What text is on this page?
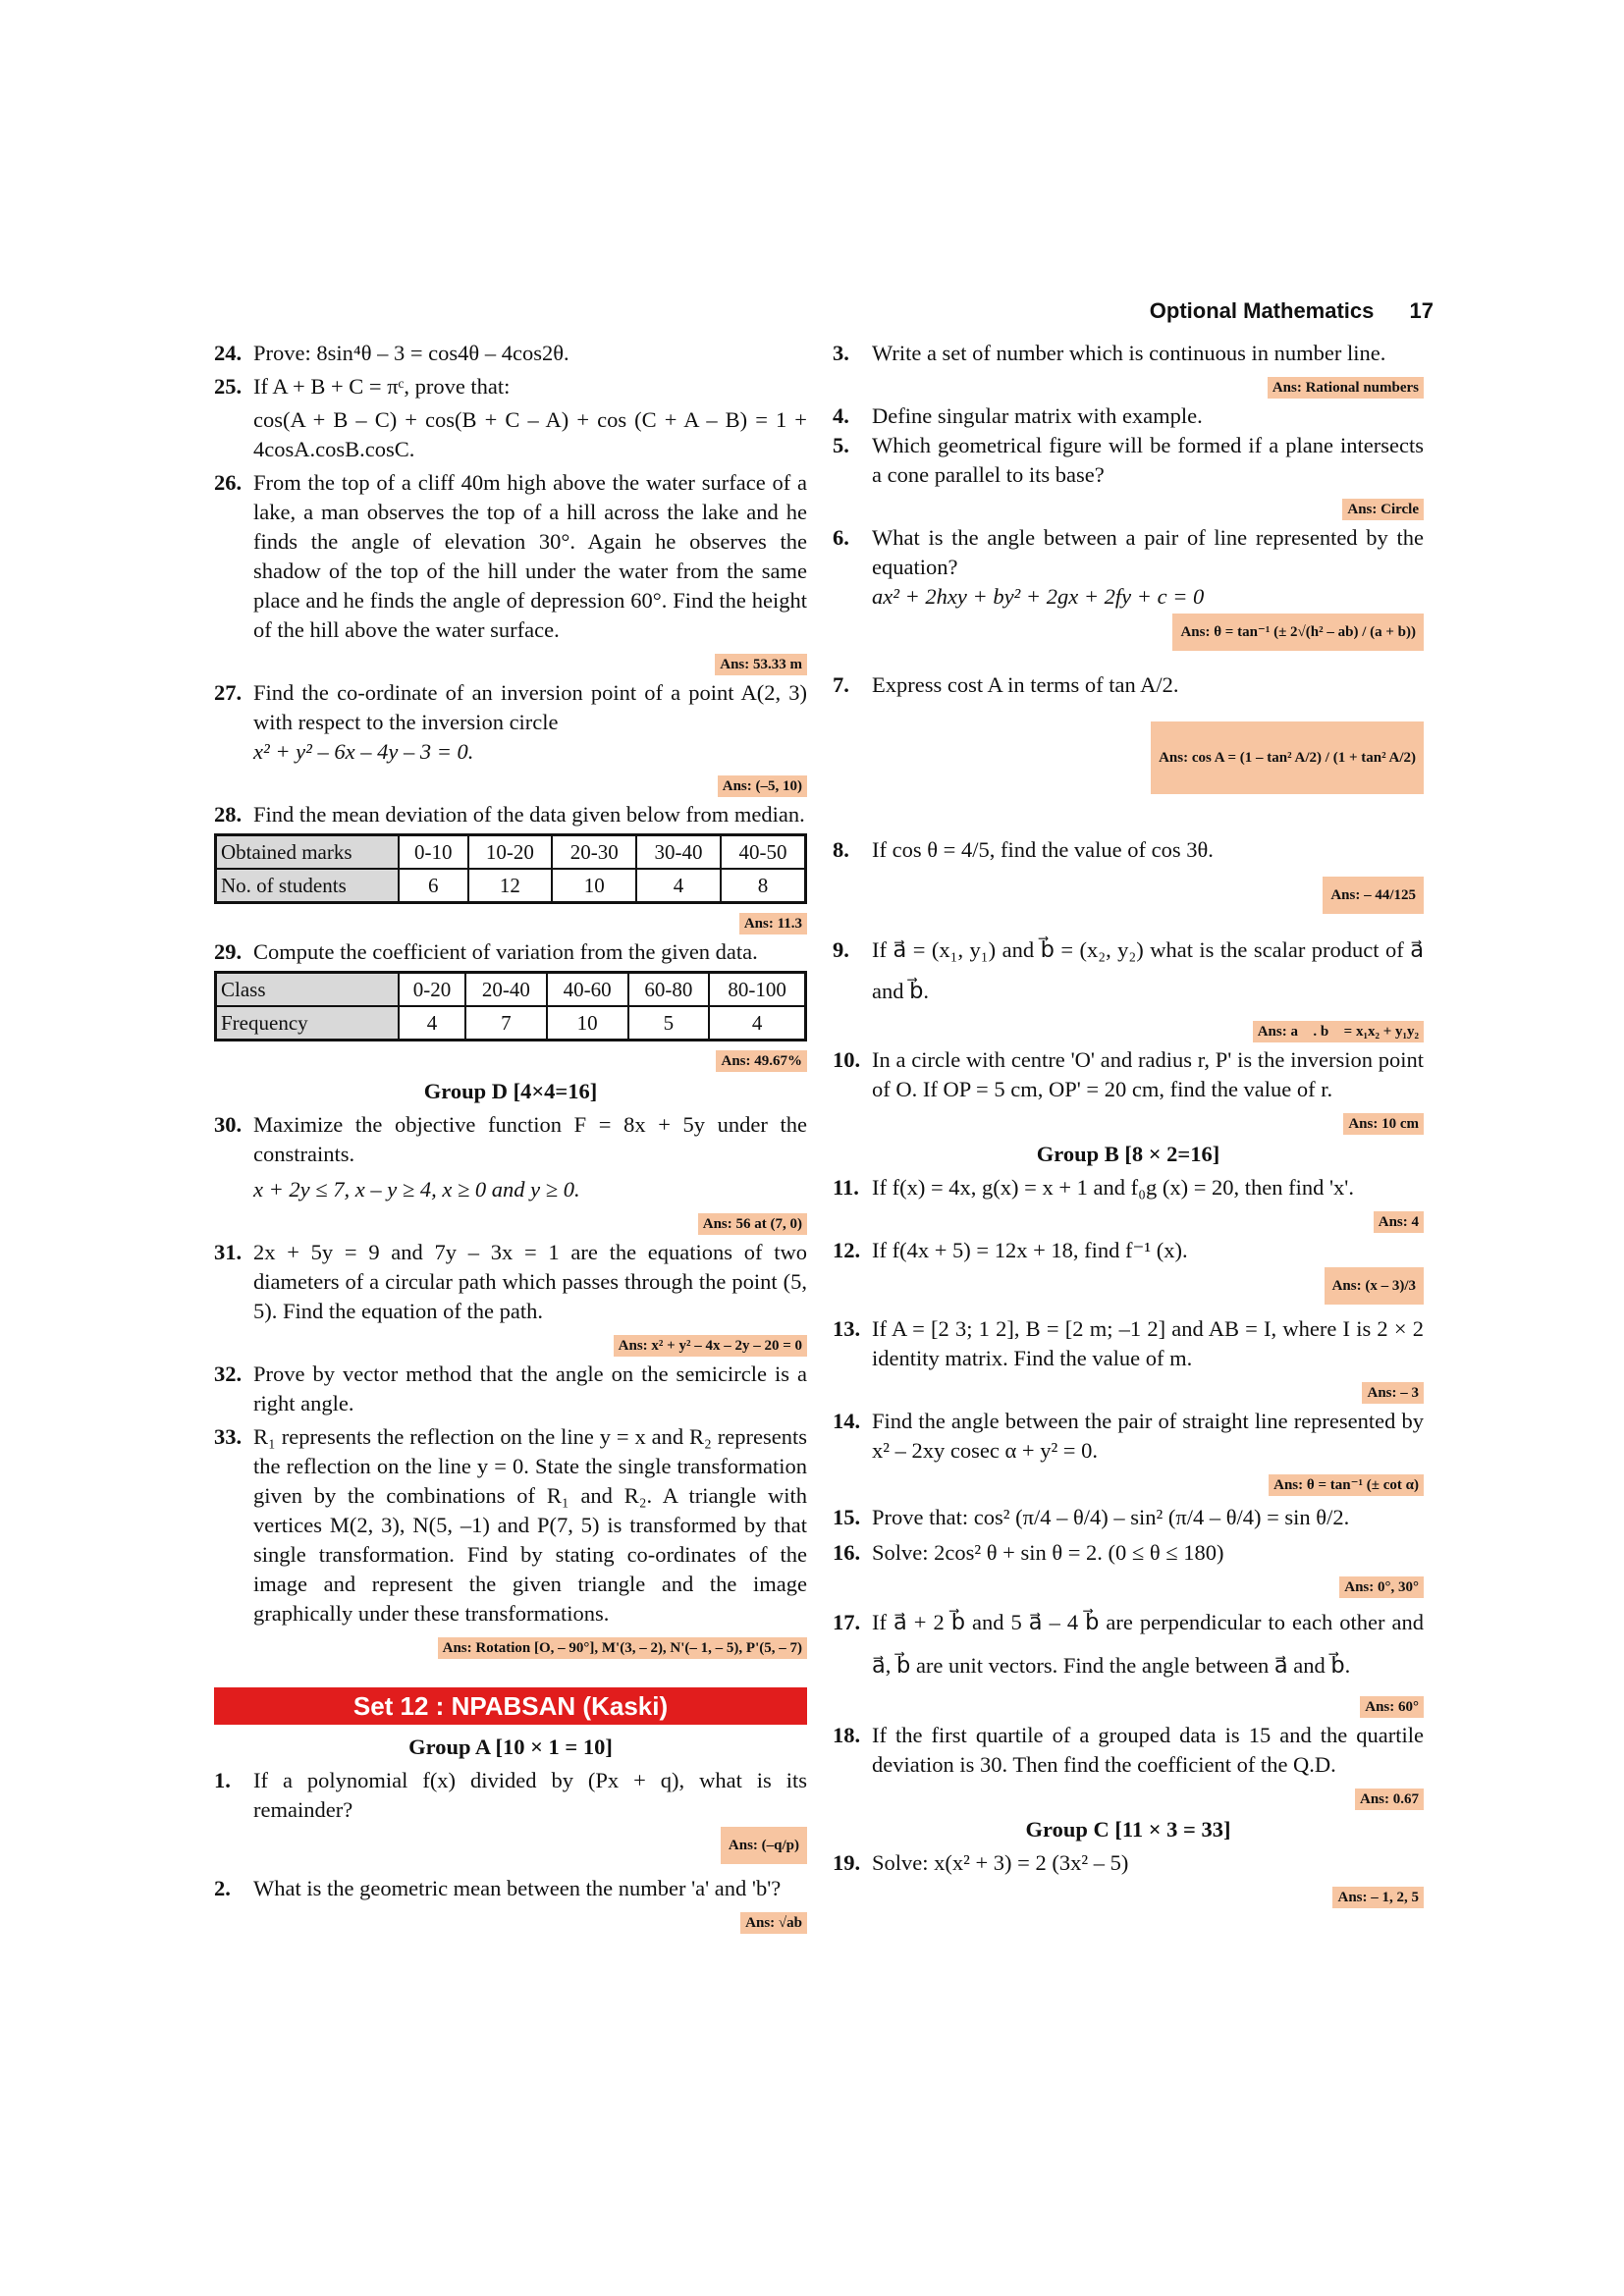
Optional Mathematics 17
24. Prove: 8sin⁴θ – 3 = cos4θ – 4cos2θ.
25. If A + B + C = πᶜ, prove that:
cos(A + B – C) + cos(B + C – A) + cos (C + A – B) = 1 + 4cosA.cosB.cosC.
26. From the top of a cliff 40m high above the water surface of a lake, a man observes the top of a hill across the lake and he finds the angle of elevation 30°. Again he observes the shadow of the top of the hill under the water from the same place and he finds the angle of depression 60°. Find the height of the hill above the water surface.
Ans: 53.33 m
27. Find the co-ordinate of an inversion point of a point A(2, 3) with respect to the inversion circle
x² + y² – 6x – 4y – 3 = 0.
Ans: (–5, 10)
28. Find the mean deviation of the data given below from median.
Obtained marks	0-10	10-20	20-30	30-40	40-50
No. of students	6	12	10	4	8
Ans: 11.3
29. Compute the coefficient of variation from the given data.
Class	0-20	20-40	40-60	60-80	80-100
Frequency	4	7	10	5	4
Ans: 49.67%
Group D [4×4=16]
30. Maximize the objective function F = 8x + 5y under the constraints.
x + 2y ≤ 7, x – y ≥ 4, x ≥ 0 and y ≥ 0.
Ans: 56 at (7, 0)
31. 2x + 5y = 9 and 7y – 3x = 1 are the equations of two diameters of a circular path which passes through the point (5, 5). Find the equation of the path.
Ans: x² + y² – 4x – 2y – 20 = 0
32. Prove by vector method that the angle on the semicircle is a right angle.
33. R₁ represents the reflection on the line y = x and R₂ represents the reflection on the line y = 0. State the single transformation given by the combinations of R₁ and R₂. A triangle with vertices M(2, 3), N(5, –1) and P(7, 5) is transformed by that single transformation. Find by stating co-ordinates of the image and represent the given triangle and the image graphically under these transformations.
Ans: Rotation [O, – 90°], M'(3, – 2), N'(– 1, – 5), P'(5, – 7)
Set 12 : NPABSAN (Kaski)
Group A [10 × 1 = 10]
1. If a polynomial f(x) divided by (Px + q), what is its remainder?
Ans: (–q/p)
2. What is the geometric mean between the number 'a' and 'b'?
Ans: √ab
3. Write a set of number which is continuous in number line.
Ans: Rational numbers
4. Define singular matrix with example.
5. Which geometrical figure will be formed if a plane intersects a cone parallel to its base?
Ans: Circle
6. What is the angle between a pair of line represented by the equation?
ax² + 2hxy + by² + 2gx + 2fy + c = 0
Ans: θ = tan⁻¹ (± 2√(h² – ab) / (a + b))
7. Express cost A in terms of tan A/2.
Ans: cos A = (1 – tan² A/2) / (1 + tan² A/2)
8. If cos θ = 4/5, find the value of cos 3θ.
Ans: – 44/125
9. If a⃗ = (x₁, y₁) and b⃗ = (x₂, y₂) what is the scalar product of a⃗ and b⃗.
Ans: a⃗ . b⃗ = x₁x₂ + y₁y₂
10. In a circle with centre 'O' and radius r, P' is the inversion point of O. If OP = 5 cm, OP' = 20 cm, find the value of r.
Ans: 10 cm
Group B [8 × 2=16]
11. If f(x) = 4x, g(x) = x + 1 and f₀g (x) = 20, then find 'x'.
Ans: 4
12. If f(4x + 5) = 12x + 18, find f⁻¹ (x).
Ans: (x – 3)/3
13. If A = [2 3; 1 2], B = [2 m; –1 2] and AB = I, where I is 2 × 2 identity matrix. Find the value of m.
Ans: – 3
14. Find the angle between the pair of straight line represented by x² – 2xy cosec α + y² = 0.
Ans: θ = tan⁻¹ (± cot α)
15. Prove that: cos² (π/4 – θ/4) – sin² (π/4 – θ/4) = sin θ/2.
16. Solve: 2cos² θ + sin θ = 2. (0 ≤ θ ≤ 180)
Ans: 0°, 30°
17. If a⃗ + 2 b⃗ and 5 a⃗ – 4 b⃗ are perpendicular to each other and a⃗, b⃗ are unit vectors. Find the angle between a⃗ and b⃗.
Ans: 60°
18. If the first quartile of a grouped data is 15 and the quartile deviation is 30. Then find the coefficient of the Q.D.
Ans: 0.67
Group C [11 × 3 = 33]
19. Solve: x(x² + 3) = 2 (3x² – 5)
Ans: – 1, 2, 5
